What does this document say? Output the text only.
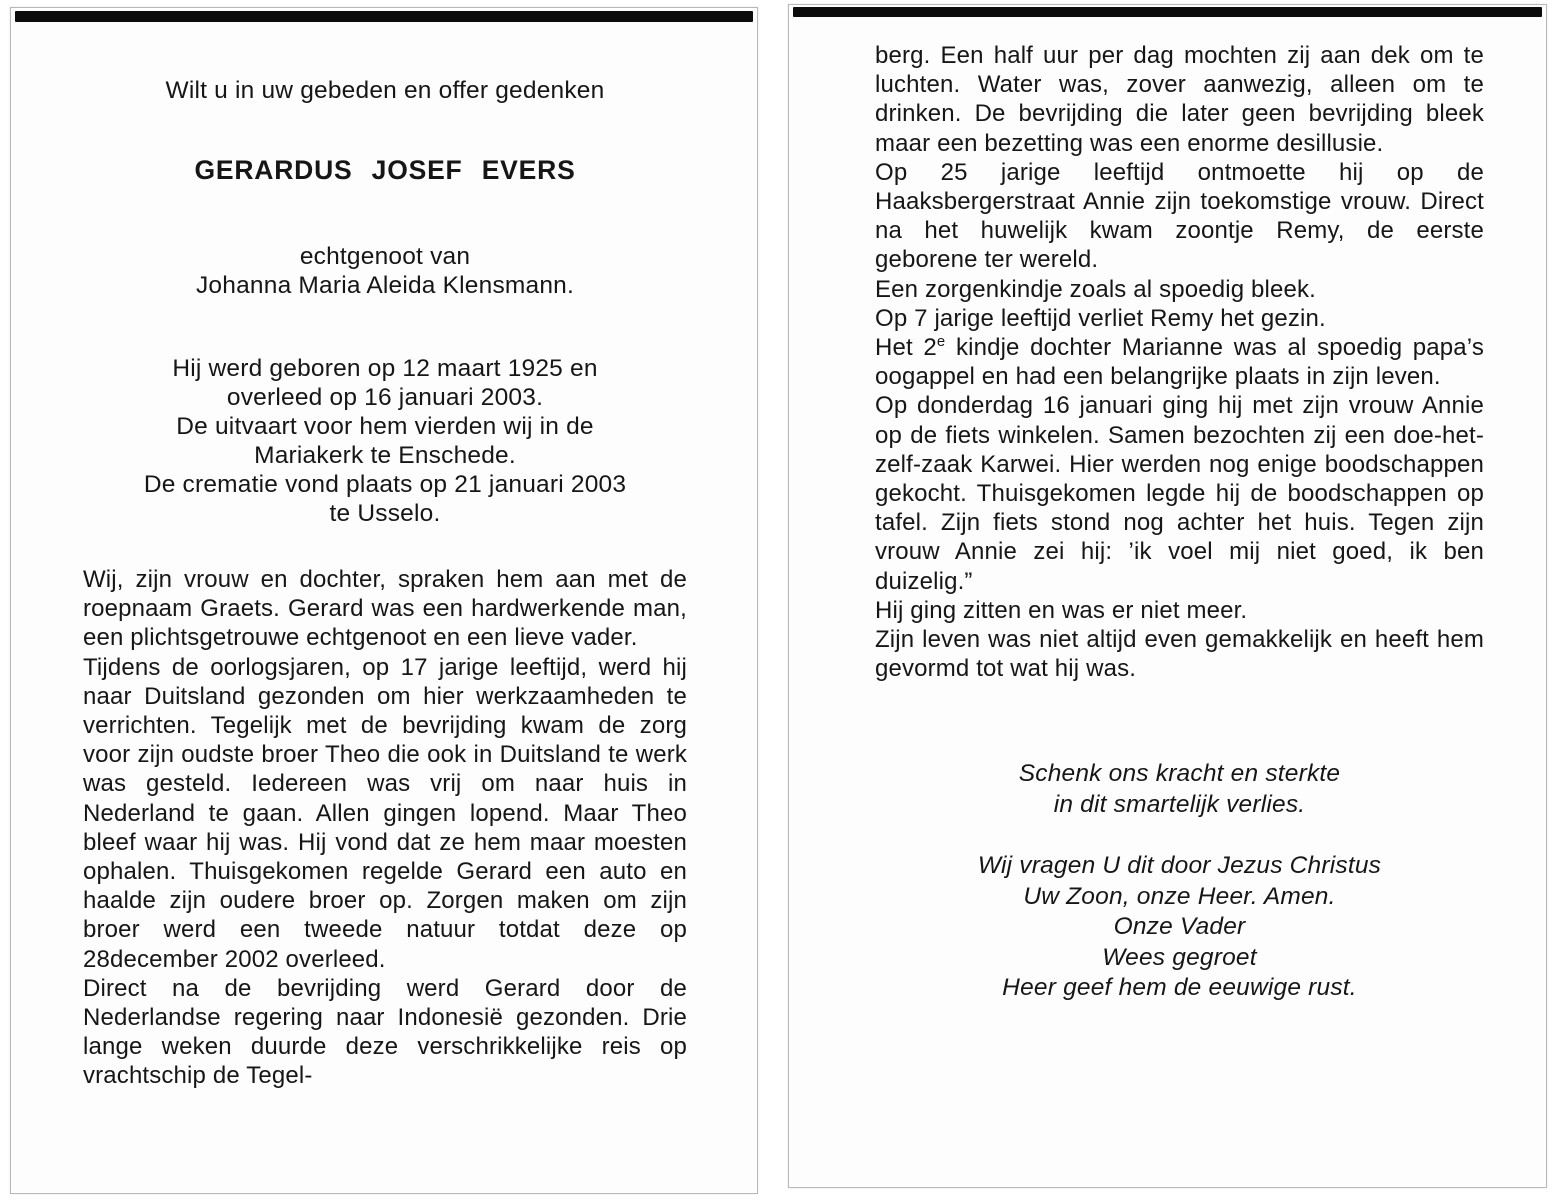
Wilt u in uw gebeden en offer gedenken
GERARDUS JOSEF EVERS
echtgenoot van
Johanna Maria Aleida Klensmann.
Hij werd geboren op 12 maart 1925 en
overleed op 16 januari 2003.
De uitvaart voor hem vierden wij in de
Mariakerk te Enschede.
De crematie vond plaats op 21 januari 2003
te Usselo.

Wij, zijn vrouw en dochter, spraken hem aan met de roepnaam Graets. Gerard was een hardwerkende man, een plichtsgetrouwe echtgenoot en een lieve vader.

Tijdens de oorlogsjaren, op 17 jarige leeftijd, werd hij naar Duitsland gezonden om hier werkzaamheden te verrichten. Tegelijk met de bevrijding kwam de zorg voor zijn oudste broer Theo die ook in Duitsland te werk was gesteld. Iedereen was vrij om naar huis in Nederland te gaan. Allen gingen lopend. Maar Theo bleef waar hij was. Hij vond dat ze hem maar moesten ophalen. Thuisgekomen regelde Gerard een auto en haalde zijn oudere broer op. Zorgen maken om zijn broer werd een tweede natuur totdat deze op 28december 2002 overleed.

Direct na de bevrijding werd Gerard door de Nederlandse regering naar Indonesië gezonden. Drie lange weken duurde deze verschrikkelijke reis op vrachtschip de Tegel-

berg. Een half uur per dag mochten zij aan dek om te luchten. Water was, zover aanwezig, alleen om te drinken. De bevrijding die later geen bevrijding bleek maar een bezetting was een enorme desillusie.

Op 25 jarige leeftijd ontmoette hij op de Haaksbergerstraat Annie zijn toekomstige vrouw. Direct na het huwelijk kwam zoontje Remy, de eerste geborene ter wereld.

Een zorgenkindje zoals al spoedig bleek.

Op 7 jarige leeftijd verliet Remy het gezin.

Het 2e kindje dochter Marianne was al spoedig papa’s oogappel en had een belangrijke plaats in zijn leven.

Op donderdag 16 januari ging hij met zijn vrouw Annie op de fiets winkelen. Samen bezochten zij een doe-het-zelf-zaak Karwei. Hier werden nog enige boodschappen gekocht. Thuisgekomen legde hij de boodschappen op tafel. Zijn fiets stond nog achter het huis. Tegen zijn vrouw Annie zei hij: ’ik voel mij niet goed, ik ben duizelig.”

Hij ging zitten en was er niet meer.

Zijn leven was niet altijd even gemakkelijk en heeft hem gevormd tot wat hij was.

Schenk ons kracht en sterkte
in dit smartelijk verlies.
Wij vragen U dit door Jezus Christus
Uw Zoon, onze Heer. Amen.
Onze Vader
Wees gegroet
Heer geef hem de eeuwige rust.
